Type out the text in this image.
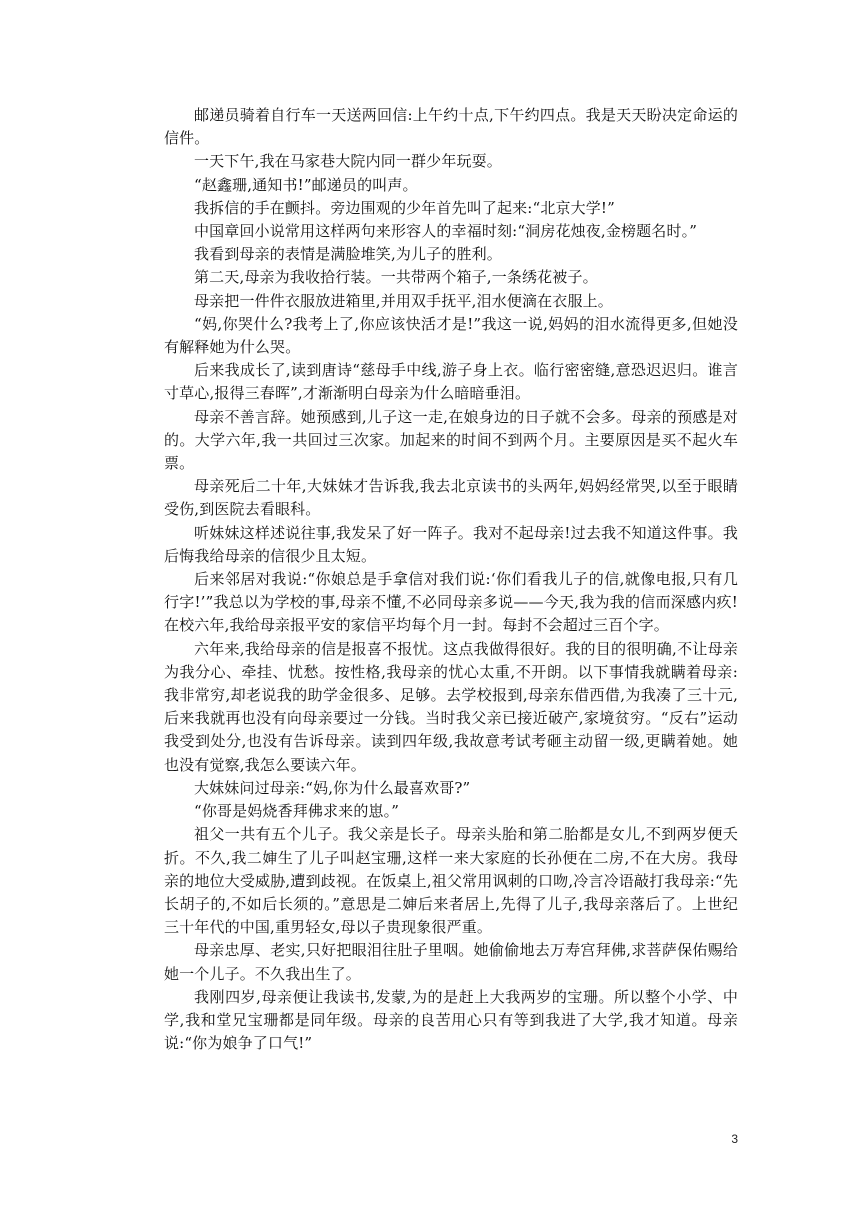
邮递员骑着自行车一天送两回信:上午约十点,下午约四点。我是天天盼决定命运的信件。

一天下午,我在马家巷大院内同一群少年玩耍。

“赵鑫珊,通知书!”邮递员的叫声。

我拆信的手在颤抖。旁边围观的少年首先叫了起来:“北京大学!”

中国章回小说常用这样两句来形容人的幸福时刻:“洞房花烛夜,金榜题名时。”

我看到母亲的表情是满脸堆笑,为儿子的胜利。

第二天,母亲为我收拾行装。一共带两个箱子,一条绣花被子。

母亲把一件件衣服放进箱里,并用双手抚平,泪水便滴在衣服上。

“妈,你哭什么?我考上了,你应该快活才是!”我这一说,妈妈的泪水流得更多,但她没有解释她为什么哭。

后来我成长了,读到唐诗“慈母手中线,游子身上衣。临行密密缝,意恐迟迟归。谁言寸草心,报得三春晖”,才渐渐明白母亲为什么暗暗垂泪。

母亲不善言辞。她预感到,儿子这一走,在娘身边的日子就不会多。母亲的预感是对的。大学六年,我一共回过三次家。加起来的时间不到两个月。主要原因是买不起火车票。

母亲死后二十年,大妹妹才告诉我,我去北京读书的头两年,妈妈经常哭,以至于眼睛受伤,到医院去看眼科。

听妹妹这样述说往事,我发呆了好一阵子。我对不起母亲!过去我不知道这件事。我后悔我给母亲的信很少且太短。

后来邻居对我说:“你娘总是手拿信对我们说:‘你们看我儿子的信,就像电报,只有几行字!’”我总以为学校的事,母亲不懂,不必同母亲多说——今天,我为我的信而深感内疚!在校六年,我给母亲报平安的家信平均每个月一封。每封不会超过三百个字。

六年来,我给母亲的信是报喜不报忧。这点我做得很好。我的目的很明确,不让母亲为我分心、牵挂、忧愁。按性格,我母亲的忧心太重,不开朗。以下事情我就瞒着母亲:我非常穷,却老说我的助学金很多、足够。去学校报到,母亲东借西借,为我凑了三十元,后来我就再也没有向母亲要过一分钱。当时我父亲已接近破产,家境贫穷。“反右”运动我受到处分,也没有告诉母亲。读到四年级,我故意考试考砸主动留一级,更瞒着她。她也没有觉察,我怎么要读六年。

大妹妹问过母亲:“妈,你为什么最喜欢哥?”

“你哥是妈烧香拜佛求来的崽。”

祖父一共有五个儿子。我父亲是长子。母亲头胎和第二胎都是女儿,不到两岁便夭折。不久,我二婶生了儿子叫赵宝珊,这样一来大家庭的长孙便在二房,不在大房。我母亲的地位大受威胁,遭到歧视。在饭桌上,祖父常用讽刺的口吻,冷言冷语敲打我母亲:“先长胡子的,不如后长须的。”意思是二婶后来者居上,先得了儿子,我母亲落后了。上世纪三十年代的中国,重男轻女,母以子贵现象很严重。

母亲忠厚、老实,只好把眼泪往肚子里咽。她偷偷地去万寿宫拜佛,求菩萨保佑赐给她一个儿子。不久我出生了。

我刚四岁,母亲便让我读书,发蒙,为的是赶上大我两岁的宝珊。所以整个小学、中学,我和堂兄宝珊都是同年级。母亲的良苦用心只有等到我进了大学,我才知道。母亲说:“你为娘争了口气!”

3
